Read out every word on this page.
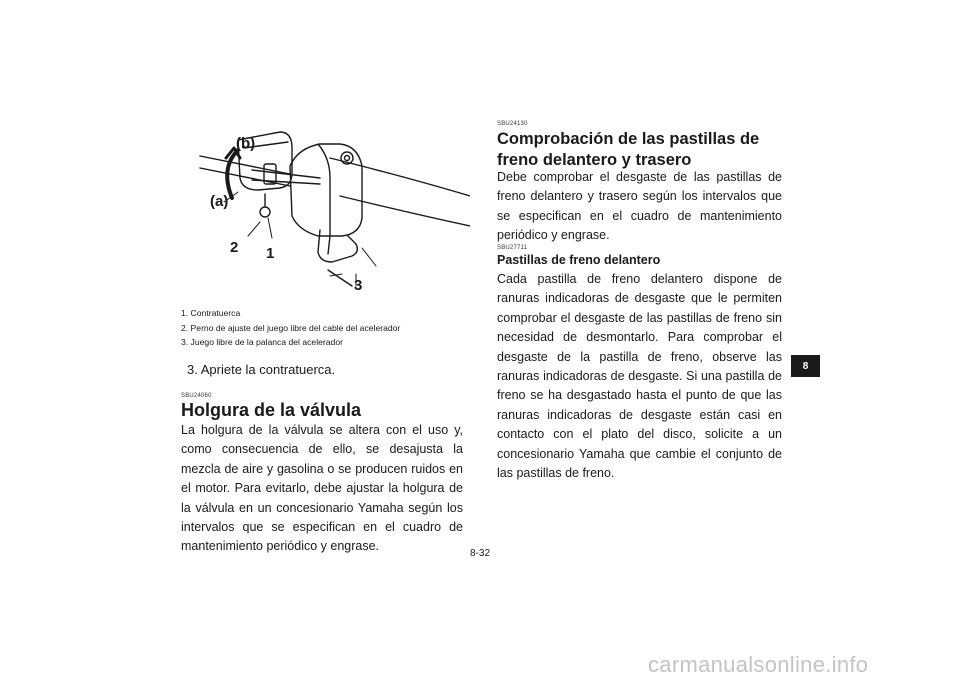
(b)
(a)
2 1
3
1. Contratuerca
2. Perno de ajuste del juego libre del cable del acelerador
3. Juego libre de la palanca del acelerador
3. Apriete la contratuerca.
SBU24060
Holgura de la válvula
La holgura de la válvula se altera con el uso y, como consecuencia de ello, se desajusta la mezcla de aire y gasolina o se producen ruidos en el motor. Para evitarlo, debe ajustar la holgura de la válvula en un concesionario Yamaha según los intervalos que se especifican en el cuadro de mantenimiento periódico y engrase.
SBU24130
Comprobación de las pastillas de freno delantero y trasero
Debe comprobar el desgaste de las pastillas de freno delantero y trasero según los intervalos que se especifican en el cuadro de mantenimiento periódico y engrase.
SBU27711
Pastillas de freno delantero
Cada pastilla de freno delantero dispone de ranuras indicadoras de desgaste que le permiten comprobar el desgaste de las pastillas de freno sin necesidad de desmontarlo. Para comprobar el desgaste de la pastilla de freno, observe las ranuras indicadoras de desgaste. Si una pastilla de freno se ha desgastado hasta el punto de que las ranuras indicadoras de desgaste están casi en contacto con el plato del disco, solicite a un concesionario Yamaha que cambie el conjunto de las pastillas de freno.
8-32
8
carmanualsonline.info
